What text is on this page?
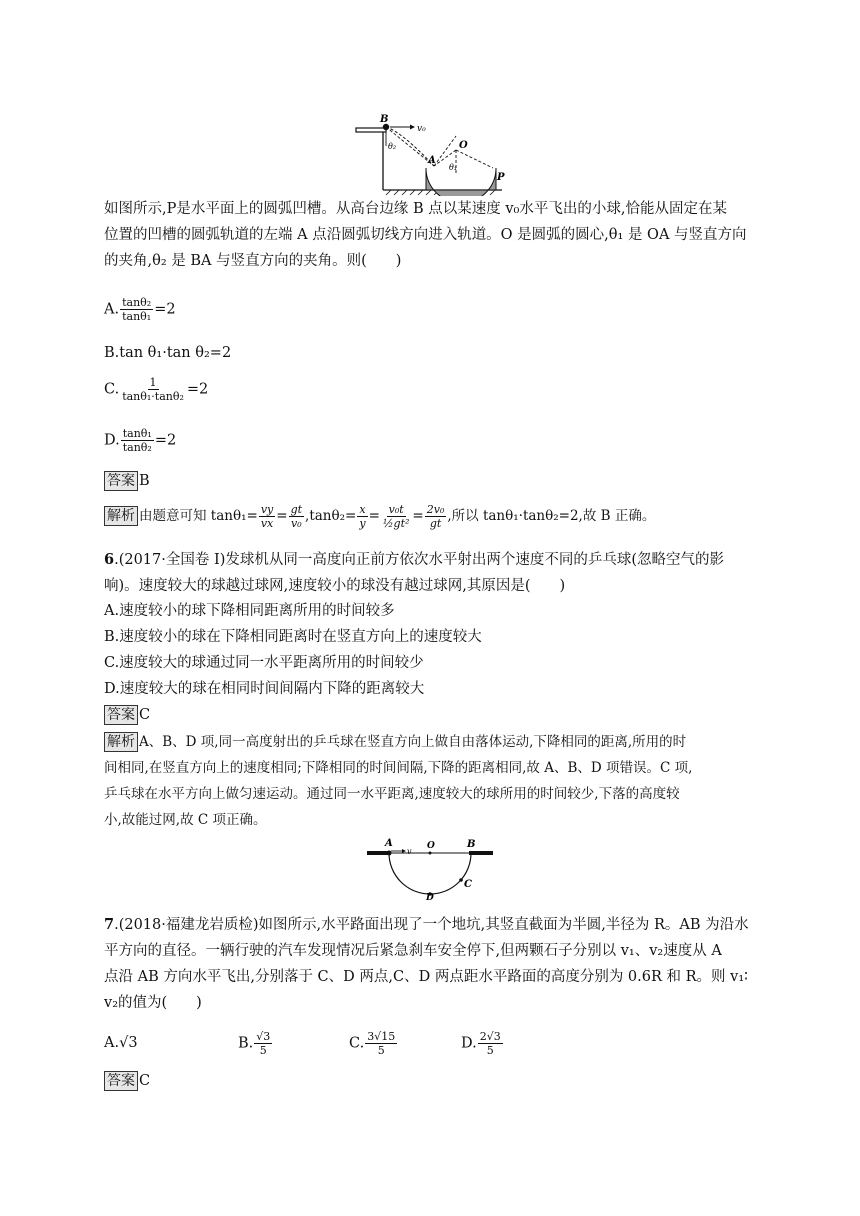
B
v₀
O
A
θ₂
θ₁
P
如图所示,P是水平面上的圆弧凹槽。从高台边缘 B 点以某速度 v₀水平飞出的小球,恰能从固定在某
位置的凹槽的圆弧轨道的左端 A 点沿圆弧切线方向进入轨道。O 是圆弧的圆心,θ₁ 是 OA 与竖直方向
的夹角,θ₂ 是 BA 与竖直方向的夹角。则(　　)
A. $\frac{\text{tanθ₂}}{\text{tanθ₁}} =2$
B.tan θ₁·tan θ₂=2
C. $\frac{1}{\text{tanθ₁·tanθ₂}} =2$
D. $\frac{\text{tanθ₁}}{\text{tanθ₂}} =2$
答案 B
解析 由题意可知 $\tan\theta_1= \frac{vy}{vx} = \frac{gt}{\text{v₀}} ,\tan\theta_2= \frac{x}{y} = \frac{\text{v₀t}}{\text{½gt²}} = \frac{\text{2v₀}}{gt}$ ,所以 tanθ₁·tanθ₂=2,故 B 正确。
6.(2017·全国卷 Ⅰ)发球机从同一高度向正前方依次水平射出两个速度不同的乒乓球(忽略空气的影
响)。速度较大的球越过球网,速度较小的球没有越过球网,其原因是(　　)
A.速度较小的球下降相同距离所用的时间较多
B.速度较小的球在下降相同距离时在竖直方向上的速度较大
C.速度较大的球通过同一水平距离所用的时间较少
D.速度较大的球在相同时间间隔内下降的距离较大
答案 C
解析 A、B、D 项,同一高度射出的乒乓球在竖直方向上做自由落体运动,下降相同的距离,所用的时
间相同,在竖直方向上的速度相同;下降相同的时间间隔,下降的距离相同,故 A、B、D 项错误。C 项,
乒乓球在水平方向上做匀速运动。通过同一水平距离,速度较大的球所用的时间较少,下落的高度较
小,故能过网,故 C 项正确。
A
v
O	B
C
D
7.(2018·福建龙岩质检)如图所示,水平路面出现了一个地坑,其竖直截面为半圆,半径为 R。AB 为沿水
平方向的直径。一辆行驶的汽车发现情况后紧急刹车安全停下,但两颗石子分别以 v₁、v₂速度从 A
点沿 AB 方向水平飞出,分别落于 C、D 两点,C、D 两点距水平路面的高度分别为 0.6R 和 R。则 v₁∶
v₂的值为(　　)
A.√3	B. $\frac{√3}{5}$	C. $\frac{3√15}{5}$	D. $\frac{2√3}{5}$
答案 C
